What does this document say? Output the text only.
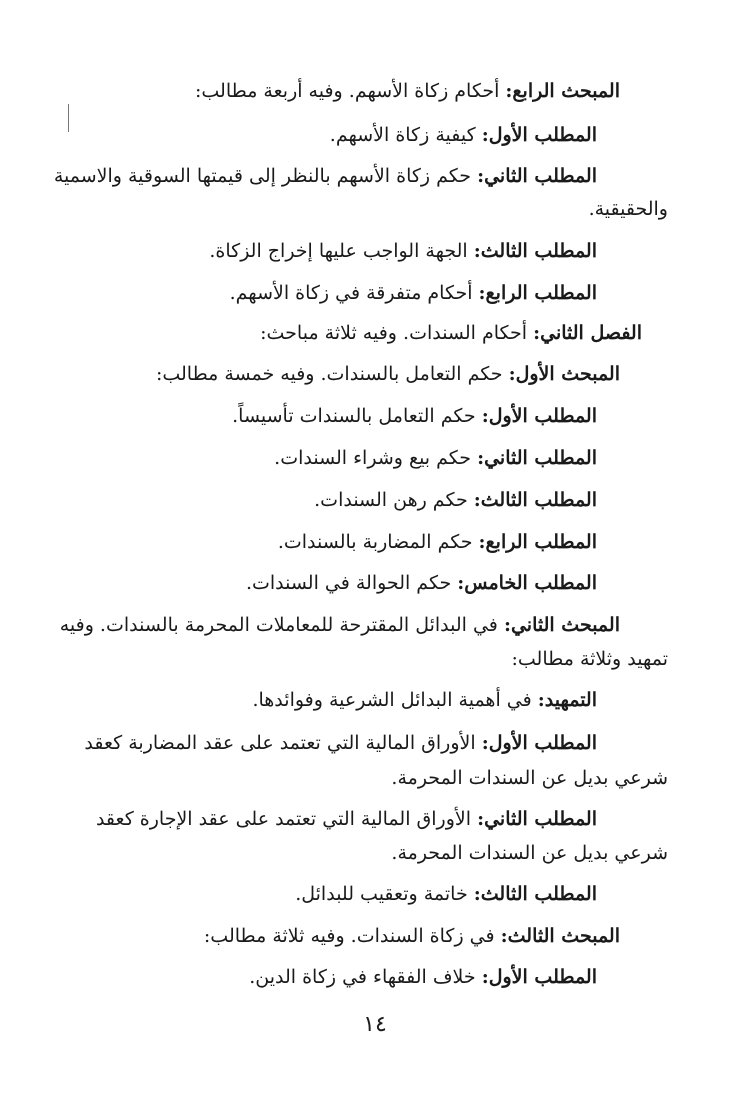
المبحث الرابع: أحكام زكاة الأسهم. وفيه أربعة مطالب:
المطلب الأول: كيفية زكاة الأسهم.
المطلب الثاني: حكم زكاة الأسهم بالنظر إلى قيمتها السوقية والاسمية
والحقيقية.
المطلب الثالث: الجهة الواجب عليها إخراج الزكاة.
المطلب الرابع: أحكام متفرقة في زكاة الأسهم.
الفصل الثاني: أحكام السندات. وفيه ثلاثة مباحث:
المبحث الأول: حكم التعامل بالسندات. وفيه خمسة مطالب:
المطلب الأول: حكم التعامل بالسندات تأسيساً.
المطلب الثاني: حكم بيع وشراء السندات.
المطلب الثالث: حكم رهن السندات.
المطلب الرابع: حكم المضاربة بالسندات.
المطلب الخامس: حكم الحوالة في السندات.
المبحث الثاني: في البدائل المقترحة للمعاملات المحرمة بالسندات. وفيه
تمهيد وثلاثة مطالب:
التمهيد: في أهمية البدائل الشرعية وفوائدها.
المطلب الأول: الأوراق المالية التي تعتمد على عقد المضاربة كعقد
شرعي بديل عن السندات المحرمة.
المطلب الثاني: الأوراق المالية التي تعتمد على عقد الإجارة كعقد
شرعي بديل عن السندات المحرمة.
المطلب الثالث: خاتمة وتعقيب للبدائل.
المبحث الثالث: في زكاة السندات. وفيه ثلاثة مطالب:
المطلب الأول: خلاف الفقهاء في زكاة الدين.
١٤
